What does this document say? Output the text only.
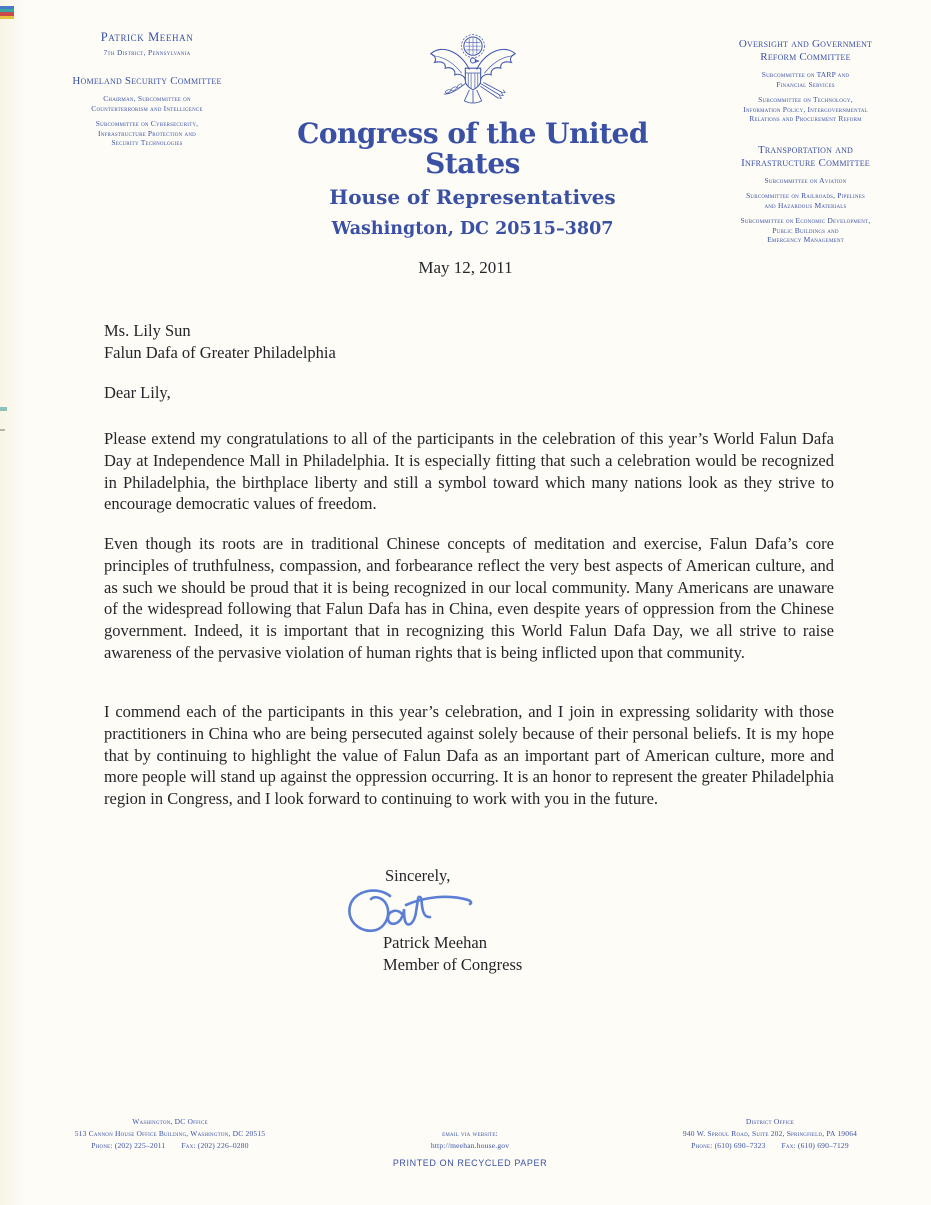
Patrick Meehan
7th District, Pennsylvania
Homeland Security Committee
Chairman, Subcommittee on
Counterterrorism and Intelligence
Subcommittee on Cybersecurity,
Infrastructure Protection and
Security Technologies	Congress of the United States
House of Representatives
Washington, DC 20515–3807
Oversight and Government
Reform Committee
Subcommittee on TARP and
Financial Services
Subcommittee on Technology,
Information Policy, Intergovernmental
Relations and Procurement Reform
Transportation and
Infrastructure Committee
Subcommittee on Aviation
Subcommittee on Railroads, Pipelines
and Hazardous Materials
Subcommittee on Economic Development,
Public Buildings and
Emergency Management
May 12, 2011
Ms. Lily Sun
Falun Dafa of Greater Philadelphia
Dear Lily,

Please extend my congratulations to all of the participants in the celebration of this year’s World Falun Dafa Day at Independence Mall in Philadelphia. It is especially fitting that such a celebration would be recognized in Philadelphia, the birthplace liberty and still a symbol toward which many nations look as they strive to encourage democratic values of freedom.

Even though its roots are in traditional Chinese concepts of meditation and exercise, Falun Dafa’s core principles of truthfulness, compassion, and forbearance reflect the very best aspects of American culture, and as such we should be proud that it is being recognized in our local community. Many Americans are unaware of the widespread following that Falun Dafa has in China, even despite years of oppression from the Chinese government. Indeed, it is important that in recognizing this World Falun Dafa Day, we all strive to raise awareness of the pervasive violation of human rights that is being inflicted upon that community.

I commend each of the participants in this year’s celebration, and I join in expressing solidarity with those practitioners in China who are being persecuted against solely because of their personal beliefs. It is my hope that by continuing to highlight the value of Falun Dafa as an important part of American culture, more and more people will stand up against the oppression occurring. It is an honor to represent the greater Philadelphia region in Congress, and I look forward to continuing to work with you in the future.

Sincerely,
Patrick Meehan
Member of Congress
Washington, DC Office
513 Cannon House Office Building, Washington, DC 20515
Phone: (202) 225–2011 Fax: (202) 226–0280
email via website:
http://meehan.house.gov
PRINTED ON RECYCLED PAPER
District Office
940 W. Sproul Road, Suite 202, Springfield, PA 19064
Phone: (610) 690–7323 Fax: (610) 690–7129
